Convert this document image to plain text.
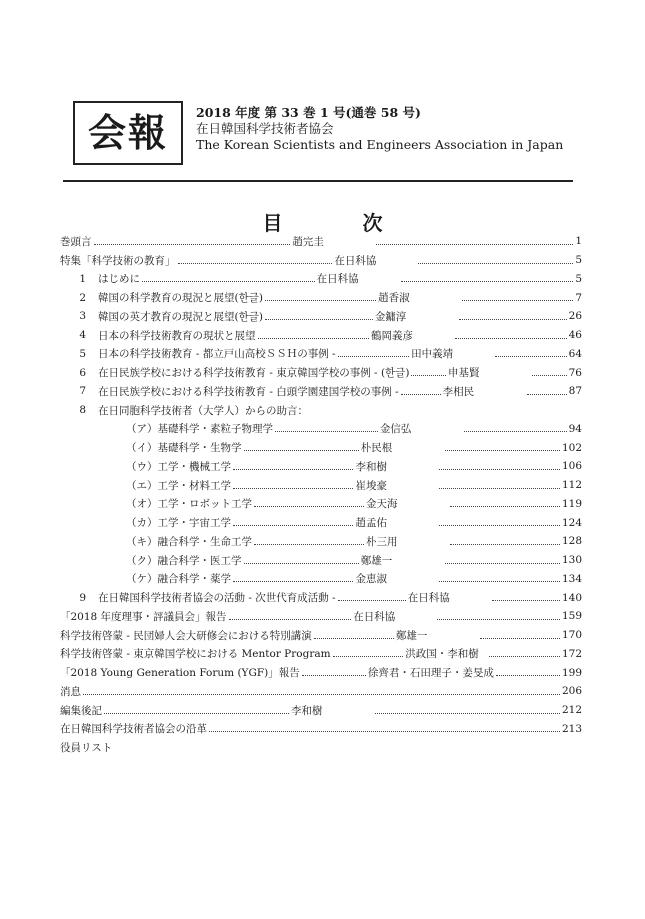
会報	2018 年度 第 33 巻 1 号(通巻 58 号)
在日韓国科学技術者協会
The Korean Scientists and Engineers Association in Japan
目　次
巻頭言	趙完圭	1
特集「科学技術の教育」	在日科協	5
1	はじめに	在日科協	5
2	韓国の科学教育の現況と展望(한글)	趙香淑	7
3	韓国の英才教育の現況と展望(한글)	金鏞淳	26
4	日本の科学技術教育の現状と展望	鶴岡義彦	46
5	日本の科学技術教育 - 都立戸山高校ＳＳＨの事例 -	田中義靖	64
6	在日民族学校における科学技術教育 - 東京韓国学校の事例 - (한글)	申基賢	76
7	在日民族学校における科学技術教育 - 白頭学園建国学校の事例 -	李相民	87
8	在日同胞科学技術者（大学人）からの助言：
（ア）基礎科学・素粒子物理学	金信弘	94
（イ）基礎科学・生物学	朴民根	102
（ウ）工学・機械工学	李和樹	106
（エ）工学・材料工学	崔埈豪	112
（オ）工学・ロボット工学	金天海	119
（カ）工学・宇宙工学	趙孟佑	124
（キ）融合科学・生命工学	朴三用	128
（ク）融合科学・医工学	鄭雄一	130
（ケ）融合科学・薬学	金恵淑	134
9	在日韓国科学技術者協会の活動 - 次世代育成活動 -	在日科協	140
「2018 年度理事・評議員会」報告	在日科協	159
科学技術啓蒙 - 民団婦人会大研修会における特別講演	鄭雄一	170
科学技術啓蒙 - 東京韓国学校における Mentor Program	洪政国・李和樹	172
「2018 Young Generation Forum (YGF)」報告	徐齊君・石田理子・姜旻成	199
消息	206
編集後記	李和樹	212
在日韓国科学技術者協会の沿革	213
役員リスト
